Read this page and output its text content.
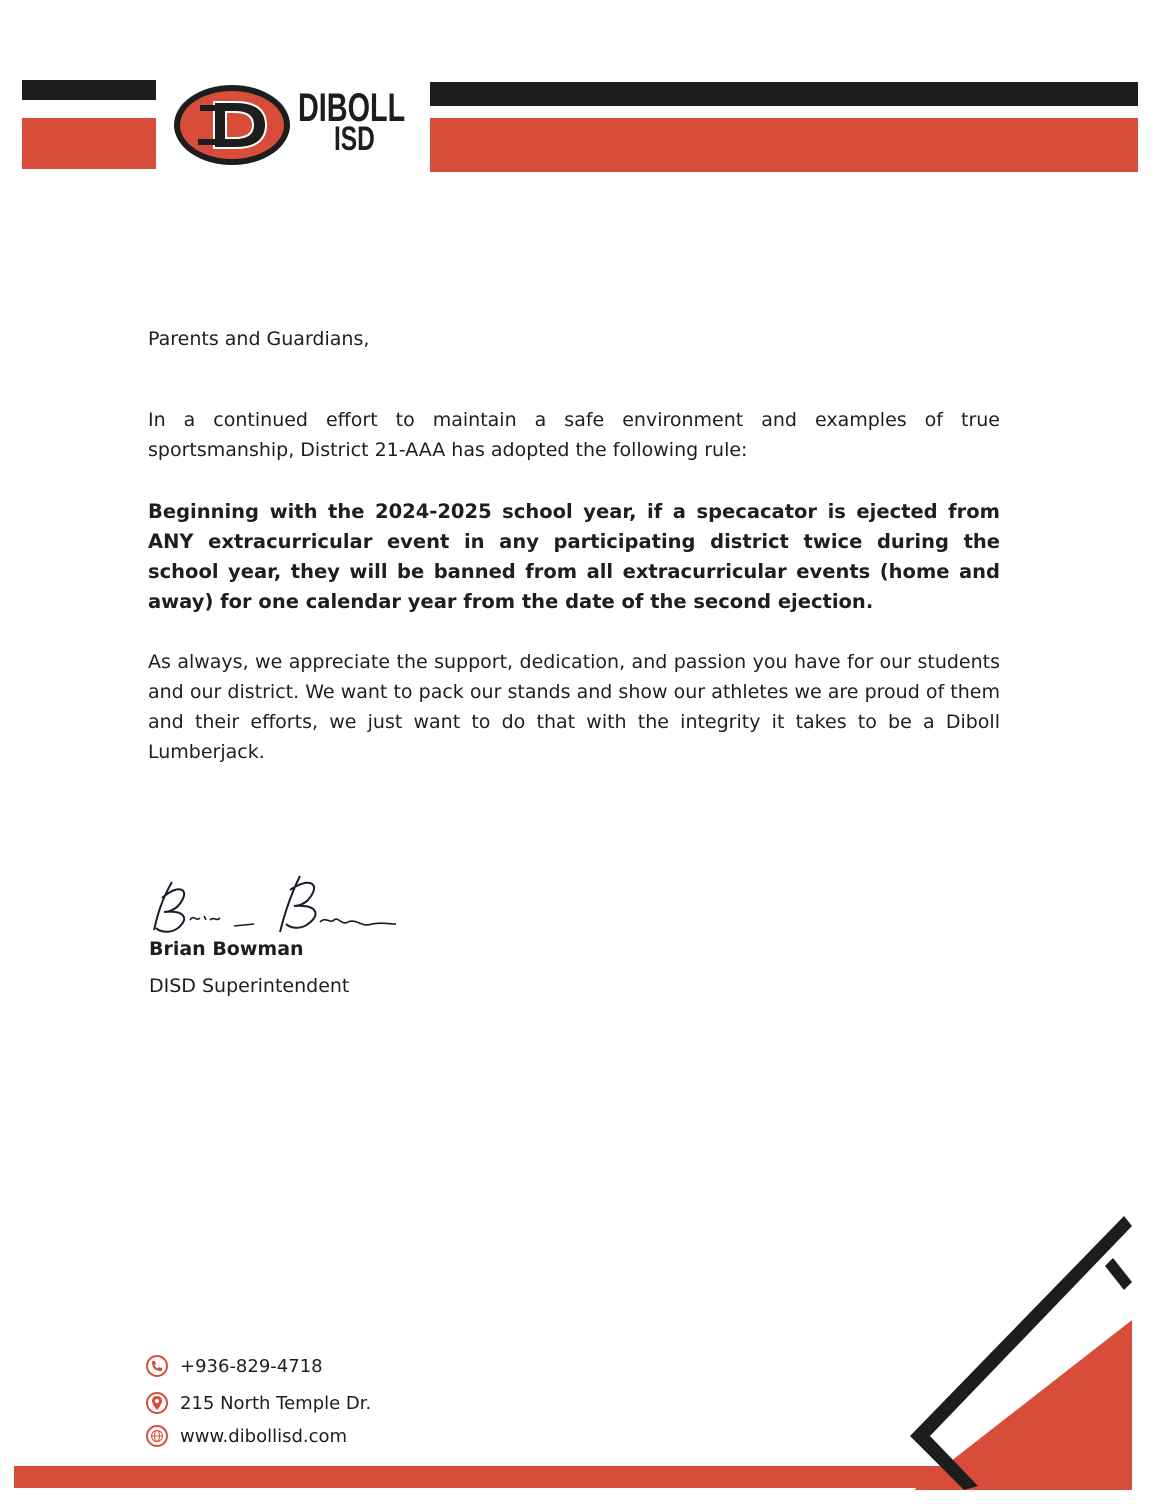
DIBOLL
ISD
Parents and Guardians,
In a continued effort to maintain a safe environment and examples of true sportsmanship, District 21-AAA has adopted the following rule:
Beginning with the 2024-2025 school year, if a specacator is ejected from ANY extracurricular event in any participating district twice during the school year, they will be banned from all extracurricular events (home and away) for one calendar year from the date of the second ejection.
As always, we appreciate the support, dedication, and passion you have for our students and our district. We want to pack our stands and show our athletes we are proud of them and their efforts, we just want to do that with the integrity it takes to be a Diboll Lumberjack.
Brian Bowman
DISD Superintendent
+936-829-4718
215 North Temple Dr.
www.dibollisd.com
